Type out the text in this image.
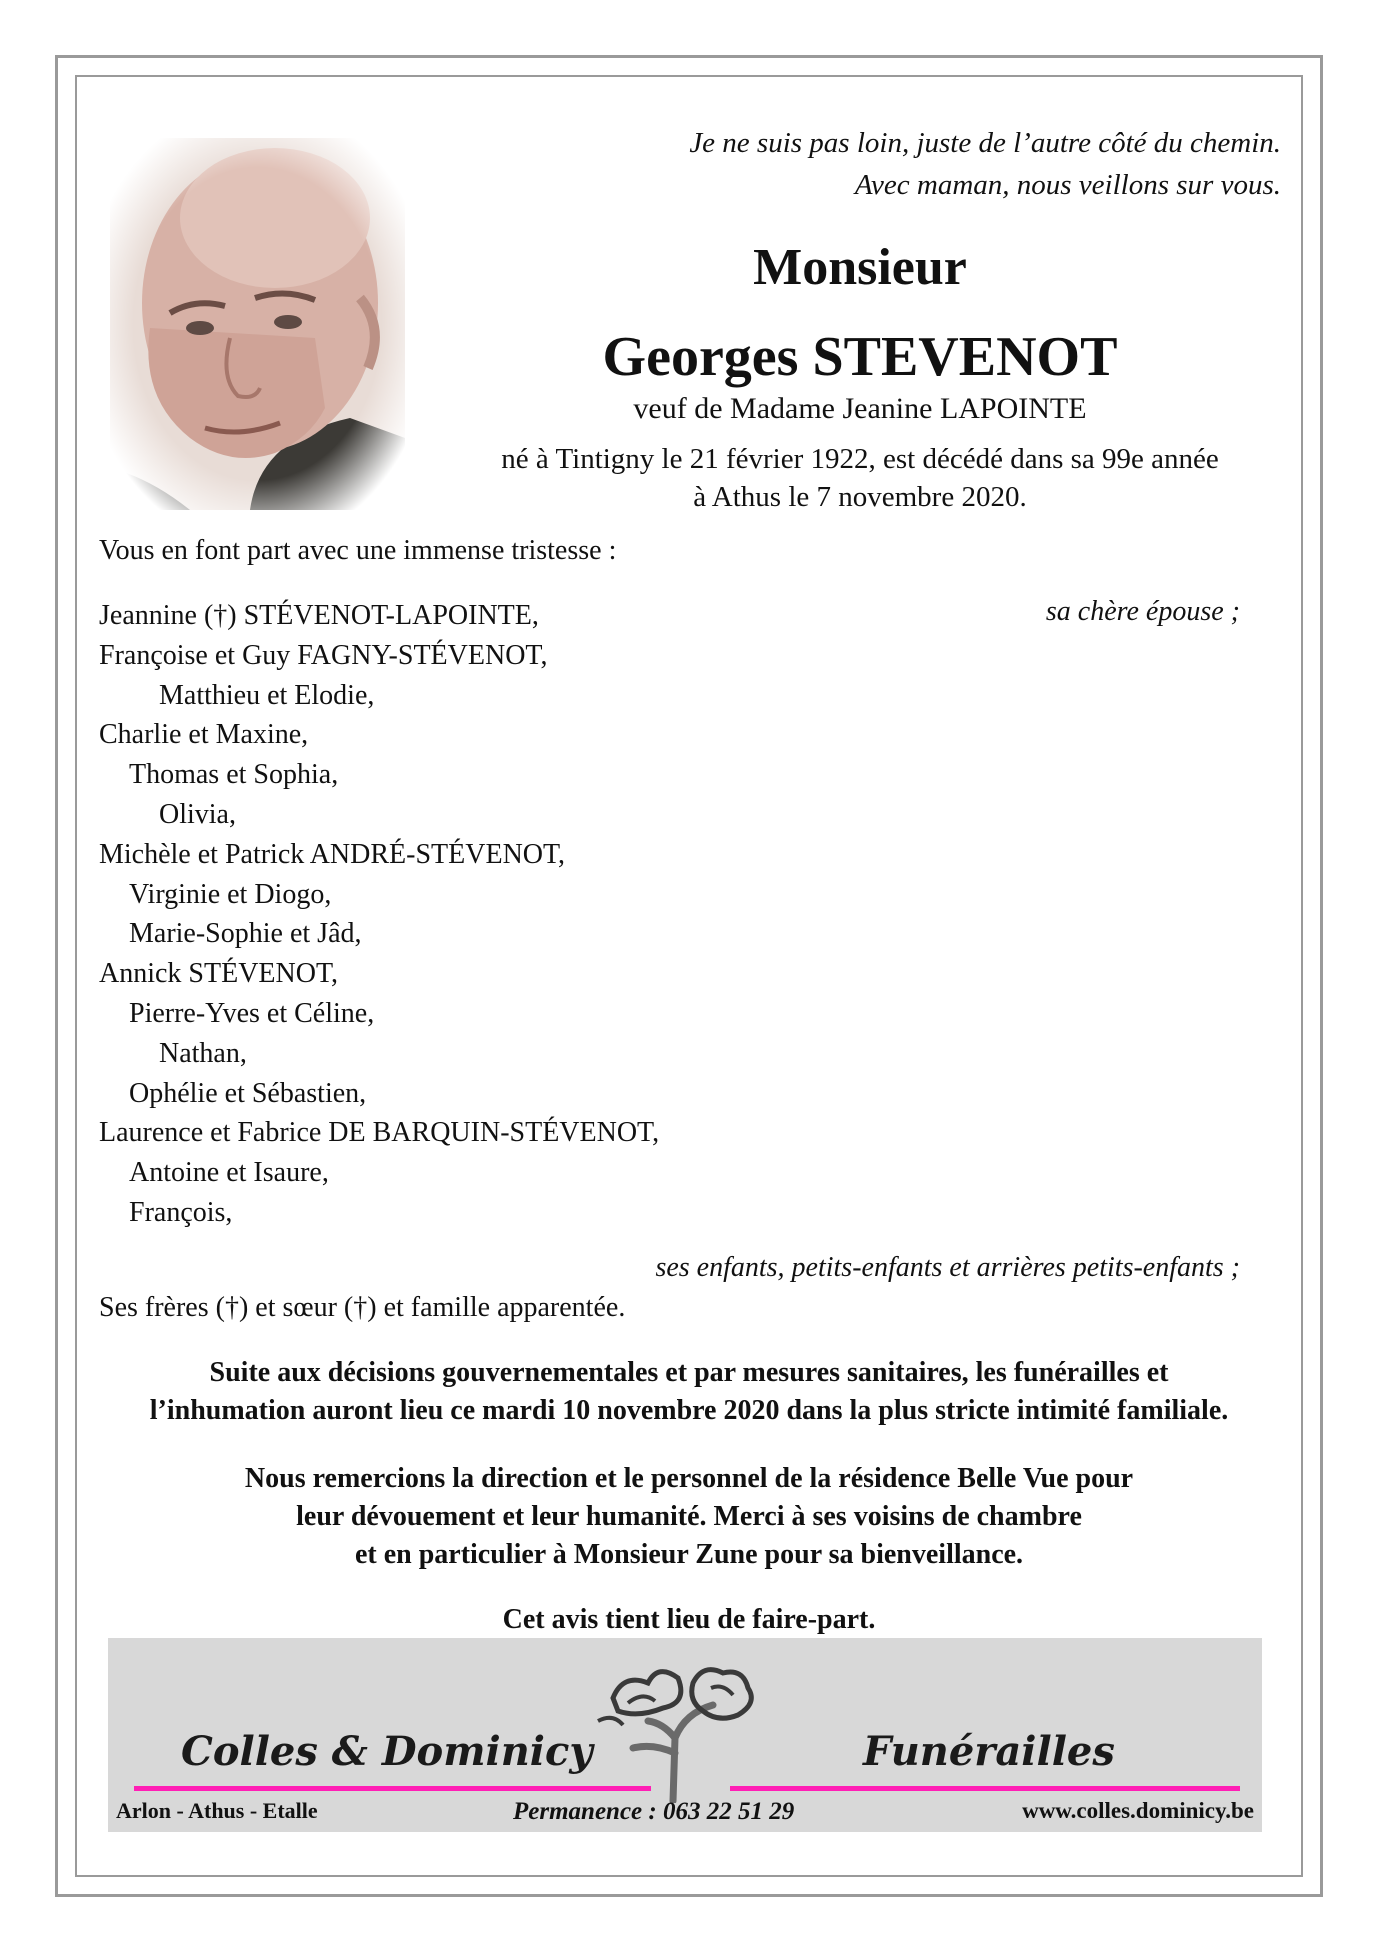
Je ne suis pas loin, juste de l’autre côté du chemin.
Avec maman, nous veillons sur vous.
Monsieur
Georges STEVENOT
veuf de Madame Jeanine LAPOINTE
né à Tintigny le 21 février 1922, est décédé dans sa 99e année
à Athus le 7 novembre 2020.
Vous en font part avec une immense tristesse :
Jeannine (†) STÉVENOT-LAPOINTE,
Françoise et Guy FAGNY-STÉVENOT,
Matthieu et Elodie,
Charlie et Maxine,
Thomas et Sophia,
Olivia,
Michèle et Patrick ANDRÉ-STÉVENOT,
Virginie et Diogo,
Marie-Sophie et Jâd,
Annick STÉVENOT,
Pierre-Yves et Céline,
Nathan,
Ophélie et Sébastien,
Laurence et Fabrice DE BARQUIN-STÉVENOT,
Antoine et Isaure,
François,
sa chère épouse ;
ses enfants, petits-enfants et arrières petits-enfants ;
Ses frères (†) et sœur (†) et famille apparentée.
Suite aux décisions gouvernementales et par mesures sanitaires, les funérailles et
l’inhumation auront lieu ce mardi 10 novembre 2020 dans la plus stricte intimité familiale.
Nous remercions la direction et le personnel de la résidence Belle Vue pour
leur dévouement et leur humanité. Merci à ses voisins de chambre
et en particulier à Monsieur Zune pour sa bienveillance.
Cet avis tient lieu de faire-part.
Colles & Dominicy	Funérailles
Arlon - Athus - Etalle	Permanence : 063 22 51 29	www.colles.dominicy.be
